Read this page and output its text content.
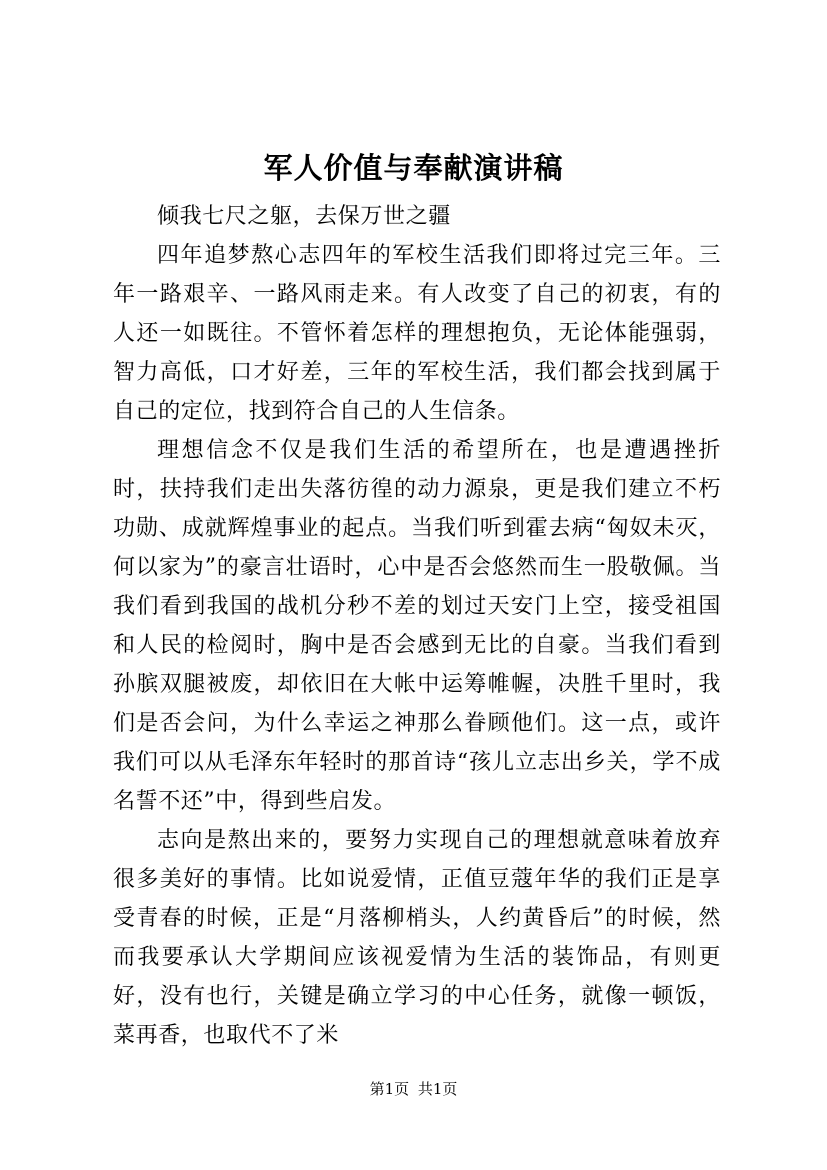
军人价值与奉献演讲稿

倾我七尺之躯，去保万世之疆

四年追梦熬心志四年的军校生活我们即将过完三年。三年一路艰辛、一路风雨走来。有人改变了自己的初衷，有的人还一如既往。不管怀着怎样的理想抱负，无论体能强弱，智力高低，口才好差，三年的军校生活，我们都会找到属于自己的定位，找到符合自己的人生信条。

理想信念不仅是我们生活的希望所在，也是遭遇挫折时，扶持我们走出失落彷徨的动力源泉，更是我们建立不朽功勋、成就辉煌事业的起点。当我们听到霍去病“匈奴未灭，何以家为”的豪言壮语时，心中是否会悠然而生一股敬佩。当我们看到我国的战机分秒不差的划过天安门上空，接受祖国和人民的检阅时，胸中是否会感到无比的自豪。当我们看到孙膑双腿被废，却依旧在大帐中运筹帷幄，决胜千里时，我们是否会问，为什么幸运之神那么眷顾他们。这一点，或许我们可以从毛泽东年轻时的那首诗“孩儿立志出乡关，学不成名誓不还”中，得到些启发。

志向是熬出来的，要努力实现自己的理想就意味着放弃很多美好的事情。比如说爱情，正值豆蔻年华的我们正是享受青春的时候，正是“月落柳梢头，人约黄昏后”的时候，然而我要承认大学期间应该视爱情为生活的装饰品，有则更好，没有也行，关键是确立学习的中心任务，就像一顿饭，菜再香，也取代不了米

第1页 共1页
